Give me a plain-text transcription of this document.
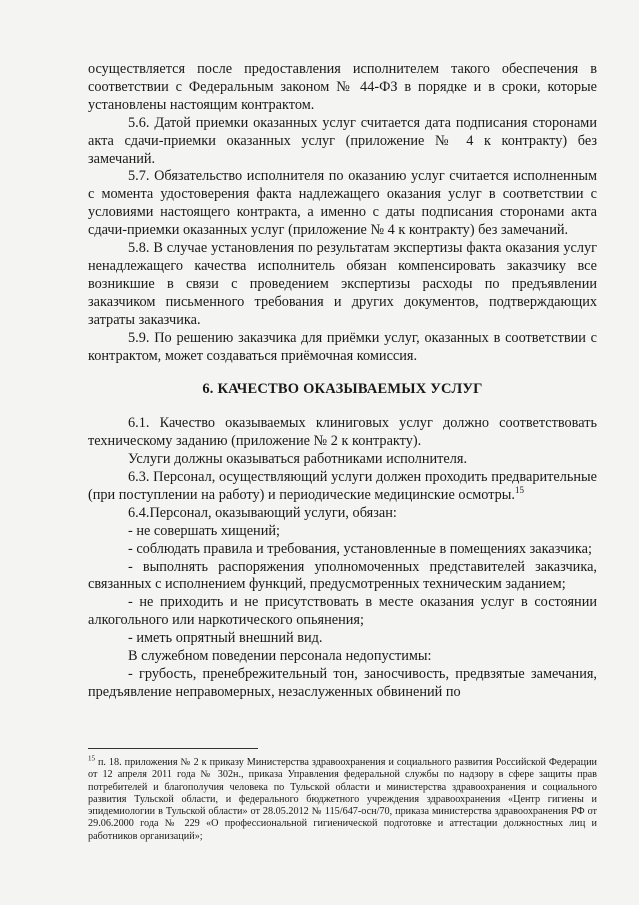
осуществляется после предоставления исполнителем такого обеспечения в соответствии с Федеральным законом № 44-ФЗ в порядке и в сроки, которые установлены настоящим контрактом.

5.6. Датой приемки оказанных услуг считается дата подписания сторонами акта сдачи-приемки оказанных услуг (приложение № 4 к контракту) без замечаний.

5.7. Обязательство исполнителя по оказанию услуг считается исполненным с момента удостоверения факта надлежащего оказания услуг в соответствии с условиями настоящего контракта, а именно с даты подписания сторонами акта сдачи-приемки оказанных услуг (приложение № 4 к контракту) без замечаний.

5.8. В случае установления по результатам экспертизы факта оказания услуг ненадлежащего качества исполнитель обязан компенсировать заказчику все возникшие в связи с проведением экспертизы расходы по предъявлении заказчиком письменного требования и других документов, подтверждающих затраты заказчика.

5.9. По решению заказчика для приёмки услуг, оказанных в соответствии с контрактом, может создаваться приёмочная комиссия.

6. КАЧЕСТВО ОКАЗЫВАЕМЫХ УСЛУГ

6.1. Качество оказываемых клиниговых услуг должно соответствовать техническому заданию (приложение № 2 к контракту).

Услуги должны оказываться работниками исполнителя.

6.3. Персонал, осуществляющий услуги должен проходить предварительные (при поступлении на работу) и периодические медицинские осмотры.$^{15}$

6.4.Персонал, оказывающий услуги, обязан:

- не совершать хищений;

- соблюдать правила и требования, установленные в помещениях заказчика;

- выполнять распоряжения уполномоченных представителей заказчика, связанных с исполнением функций, предусмотренных техническим заданием;

- не приходить и не присутствовать в месте оказания услуг в состоянии алкогольного или наркотического опьянения;

- иметь опрятный внешний вид.

В служебном поведении персонала недопустимы:

- грубость, пренебрежительный тон, заносчивость, предвзятые замечания, предъявление неправомерных, незаслуженных обвинений по

$^{15}$ п. 18. приложения № 2 к приказу Министерства здравоохранения и социального развития Российской Федерации от 12 апреля 2011 года № 302н., приказа Управления федеральной службы по надзору в сфере защиты прав потребителей и благополучия человека по Тульской области и министерства здравоохранения и социального развития Тульской области, и федерального бюджетного учреждения здравоохранения «Центр гигиены и эпидемиологии в Тульской области» от 28.05.2012 № 115/647-осн/70, приказа министерства здравоохранения РФ от 29.06.2000 года № 229 «О профессиональной гигиенической подготовке и аттестации должностных лиц и работников организаций»;
